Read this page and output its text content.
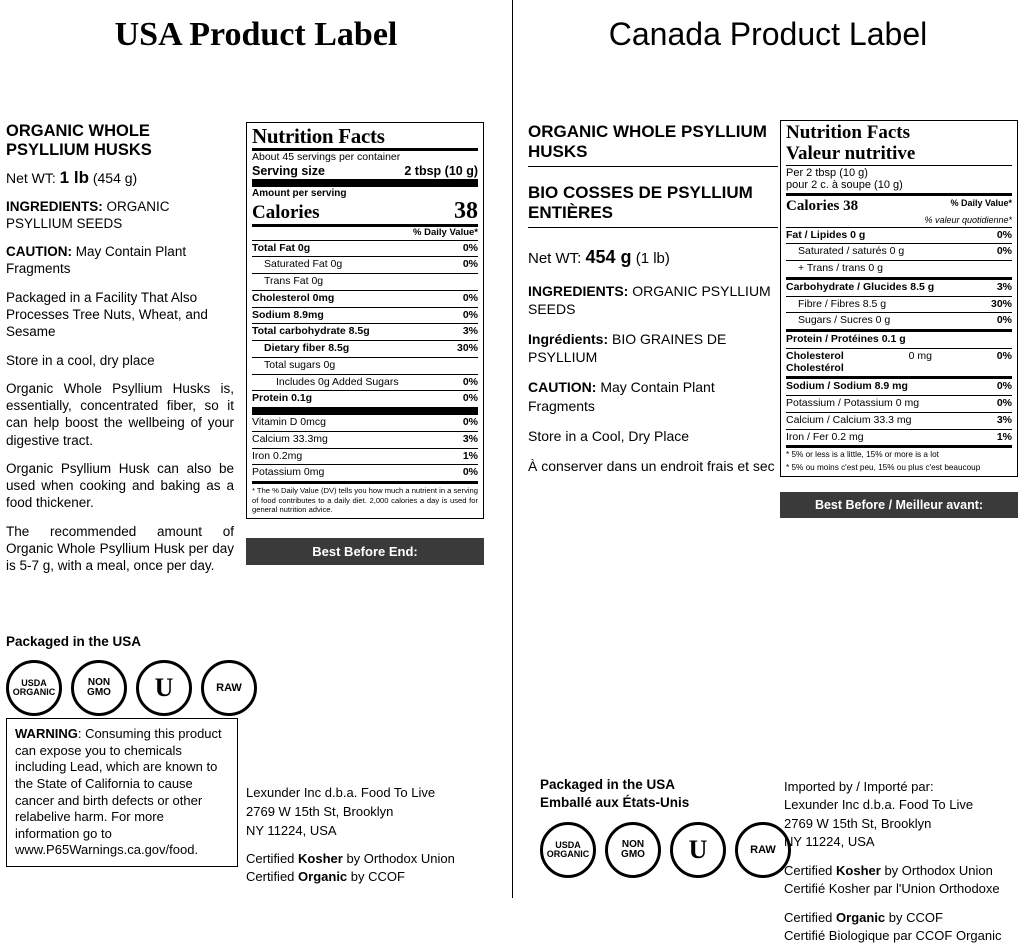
USA Product Label
ORGANIC WHOLE PSYLLIUM HUSKS
Net WT: 1 lb (454 g)

INGREDIENTS: ORGANIC PSYLLIUM SEEDS

CAUTION: May Contain Plant Fragments

Packaged in a Facility That Also Processes Tree Nuts, Wheat, and Sesame

Store in a cool, dry place

Organic Whole Psyllium Husks is, essentially, concentrated fiber, so it can help boost the wellbeing of your digestive tract.

Organic Psyllium Husk can also be used when cooking and baking as a food thickener.

The recommended amount of Organic Whole Psyllium Husk per day is 5-7 g, with a meal, once per day.

Nutrition Facts
About 45 servings per container
Serving size	2 tbsp (10 g)
Amount per serving
Calories	38
% Daily Value*
Total Fat 0g	0%
Saturated Fat 0g	0%
Trans Fat 0g
Cholesterol 0mg	0%
Sodium 8.9mg	0%
Total carbohydrate 8.5g	3%
Dietary fiber 8.5g	30%
Total sugars 0g
Includes 0g Added Sugars	0%
Protein 0.1g	0%
Vitamin D 0mcg	0%
Calcium 33.3mg	3%
Iron 0.2mg	1%
Potassium 0mg	0%
* The % Daily Value (DV) tells you how much a nutrient in a serving of food contributes to a daily diet. 2,000 calories a day is used for general nutrition advice.
Best Before End:
Packaged in the USA
USDA
ORGANIC
NON
GMO U	RAW
WARNING: Consuming this product can expose you to chemicals including Lead, which are known to the State of California to cause cancer and birth defects or other relabelive harm. For more information go to www.P65Warnings.ca.gov/food.
Lexunder Inc d.b.a. Food To Live
2769 W 15th St, Brooklyn
NY 11224, USA
Certified Kosher by Orthodox Union
Certified Organic by CCOF
Canada Product Label
ORGANIC WHOLE PSYLLIUM HUSKS
BIO COSSES DE PSYLLIUM ENTIÈRES
Net WT: 454 g (1 lb)

INGREDIENTS: ORGANIC PSYLLIUM SEEDS

Ingrédients: BIO GRAINES DE PSYLLIUM

CAUTION: May Contain Plant Fragments

Store in a Cool, Dry Place

À conserver dans un endroit frais et sec

Nutrition Facts
Valeur nutritive
Per 2 tbsp (10 g)
pour 2 c. à soupe (10 g)
Calories 38	% Daily Value*
% valeur quotidienne*
Fat / Lipides 0 g	0%
Saturated / saturés 0 g	0%
+ Trans / trans 0 g
Carbohydrate / Glucides 8.5 g	3%
Fibre / Fibres 8.5 g	30%
Sugars / Sucres 0 g	0%
Protein / Protéines 0.1 g
Cholesterol
Cholestérol
0 mg	0%
Sodium / Sodium 8.9 mg	0%
Potassium / Potassium 0 mg	0%
Calcium / Calcium 33.3 mg	3%
Iron / Fer 0.2 mg	1%
* 5% or less is a little, 15% or more is a lot
* 5% ou moins c'est peu, 15% ou plus c'est beaucoup
Best Before / Meilleur avant:
Imported by / Importé par:
Lexunder Inc d.b.a. Food To Live
2769 W 15th St, Brooklyn
NY 11224, USA
Certified Kosher by Orthodox Union
Certifié Kosher par l'Union Orthodoxe
Certified Organic by CCOF
Certifié Biologique par CCOF Organic
Packaged in the USA
Emballé aux États-Unis
USDA
ORGANIC
NON
GMO U	RAW
